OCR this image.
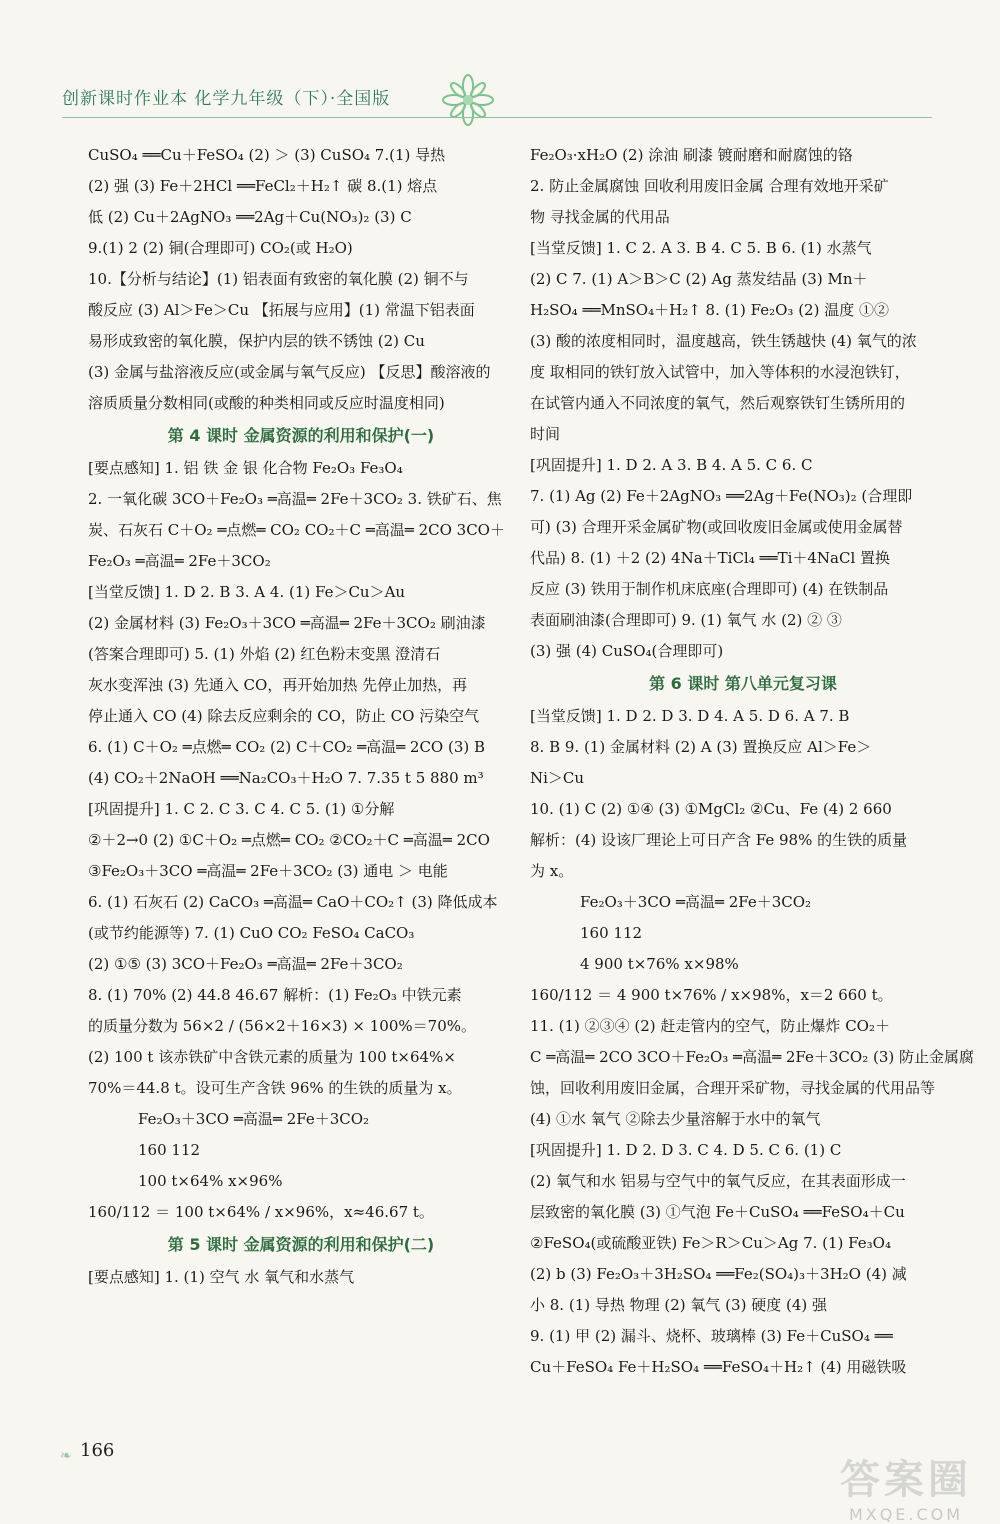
创新课时作业本 化学九年级（下）·全国版
CuSO₄ ══Cu＋FeSO₄ (2) ＞ (3) CuSO₄ 7.(1) 导热
(2) 强 (3) Fe＋2HCl ══FeCl₂＋H₂↑ 碳 8.(1) 熔点
低 (2) Cu＋2AgNO₃ ══2Ag＋Cu(NO₃)₂ (3) C
9.(1) 2 (2) 铜(合理即可) CO₂(或 H₂O)
10.【分析与结论】(1) 铝表面有致密的氧化膜 (2) 铜不与
酸反应 (3) Al＞Fe＞Cu 【拓展与应用】(1) 常温下铝表面
易形成致密的氧化膜，保护内层的铁不锈蚀 (2) Cu
(3) 金属与盐溶液反应(或金属与氧气反应) 【反思】酸溶液的
溶质质量分数相同(或酸的种类相同或反应时温度相同)
第 4 课时 金属资源的利用和保护(一)
[要点感知] 1. 铝 铁 金 银 化合物 Fe₂O₃ Fe₃O₄
2. 一氧化碳 3CO＋Fe₂O₃ ═高温═ 2Fe＋3CO₂ 3. 铁矿石、焦
炭、石灰石 C＋O₂ ═点燃═ CO₂ CO₂＋C ═高温═ 2CO 3CO＋
Fe₂O₃ ═高温═ 2Fe＋3CO₂
[当堂反馈] 1. D 2. B 3. A 4. (1) Fe＞Cu＞Au
(2) 金属材料 (3) Fe₂O₃＋3CO ═高温═ 2Fe＋3CO₂ 刷油漆
(答案合理即可) 5. (1) 外焰 (2) 红色粉末变黑 澄清石
灰水变浑浊 (3) 先通入 CO，再开始加热 先停止加热，再
停止通入 CO (4) 除去反应剩余的 CO，防止 CO 污染空气
6. (1) C＋O₂ ═点燃═ CO₂ (2) C＋CO₂ ═高温═ 2CO (3) B
(4) CO₂＋2NaOH ══Na₂CO₃＋H₂O 7. 7.35 t 5 880 m³
[巩固提升] 1. C 2. C 3. C 4. C 5. (1) ①分解
②＋2→0 (2) ①C＋O₂ ═点燃═ CO₂ ②CO₂＋C ═高温═ 2CO
③Fe₂O₃＋3CO ═高温═ 2Fe＋3CO₂ (3) 通电 ＞ 电能
6. (1) 石灰石 (2) CaCO₃ ═高温═ CaO＋CO₂↑ (3) 降低成本
(或节约能源等) 7. (1) CuO CO₂ FeSO₄ CaCO₃
(2) ①⑤ (3) 3CO＋Fe₂O₃ ═高温═ 2Fe＋3CO₂
8. (1) 70% (2) 44.8 46.67 解析：(1) Fe₂O₃ 中铁元素
的质量分数为 56×2 / (56×2＋16×3) × 100%＝70%。
(2) 100 t 该赤铁矿中含铁元素的质量为 100 t×64%×
70%＝44.8 t。设可生产含铁 96% 的生铁的质量为 x。
Fe₂O₃＋3CO ═高温═ 2Fe＋3CO₂
160 112
100 t×64% x×96%
160/112 ＝ 100 t×64% / x×96%，x≈46.67 t。
第 5 课时 金属资源的利用和保护(二)
[要点感知] 1. (1) 空气 水 氧气和水蒸气
Fe₂O₃·xH₂O (2) 涂油 刷漆 镀耐磨和耐腐蚀的铬
2. 防止金属腐蚀 回收利用废旧金属 合理有效地开采矿
物 寻找金属的代用品
[当堂反馈] 1. C 2. A 3. B 4. C 5. B 6. (1) 水蒸气
(2) C 7. (1) A＞B＞C (2) Ag 蒸发结晶 (3) Mn＋
H₂SO₄ ══MnSO₄＋H₂↑ 8. (1) Fe₂O₃ (2) 温度 ①②
(3) 酸的浓度相同时，温度越高，铁生锈越快 (4) 氧气的浓
度 取相同的铁钉放入试管中，加入等体积的水浸泡铁钉，
在试管内通入不同浓度的氧气，然后观察铁钉生锈所用的
时间
[巩固提升] 1. D 2. A 3. B 4. A 5. C 6. C
7. (1) Ag (2) Fe＋2AgNO₃ ══2Ag＋Fe(NO₃)₂ (合理即
可) (3) 合理开采金属矿物(或回收废旧金属或使用金属替
代品) 8. (1) ＋2 (2) 4Na＋TiCl₄ ══Ti＋4NaCl 置换
反应 (3) 铁用于制作机床底座(合理即可) (4) 在铁制品
表面刷油漆(合理即可) 9. (1) 氧气 水 (2) ② ③
(3) 强 (4) CuSO₄(合理即可)
第 6 课时 第八单元复习课
[当堂反馈] 1. D 2. D 3. D 4. A 5. D 6. A 7. B
8. B 9. (1) 金属材料 (2) A (3) 置换反应 Al＞Fe＞
Ni＞Cu
10. (1) C (2) ①④ (3) ①MgCl₂ ②Cu、Fe (4) 2 660
解析：(4) 设该厂理论上可日产含 Fe 98% 的生铁的质量
为 x。
Fe₂O₃＋3CO ═高温═ 2Fe＋3CO₂
160 112
4 900 t×76% x×98%
160/112 ＝ 4 900 t×76% / x×98%，x＝2 660 t。
11. (1) ②③④ (2) 赶走管内的空气，防止爆炸 CO₂＋
C ═高温═ 2CO 3CO＋Fe₂O₃ ═高温═ 2Fe＋3CO₂ (3) 防止金属腐
蚀，回收利用废旧金属，合理开采矿物，寻找金属的代用品等
(4) ①水 氧气 ②除去少量溶解于水中的氧气
[巩固提升] 1. D 2. D 3. C 4. D 5. C 6. (1) C
(2) 氧气和水 铝易与空气中的氧气反应，在其表面形成一
层致密的氧化膜 (3) ①气泡 Fe＋CuSO₄ ══FeSO₄＋Cu
②FeSO₄(或硫酸亚铁) Fe＞R＞Cu＞Ag 7. (1) Fe₃O₄
(2) b (3) Fe₂O₃＋3H₂SO₄ ══Fe₂(SO₄)₃＋3H₂O (4) 减
小 8. (1) 导热 物理 (2) 氧气 (3) 硬度 (4) 强
9. (1) 甲 (2) 漏斗、烧杯、玻璃棒 (3) Fe＋CuSO₄ ══
Cu＋FeSO₄ Fe＋H₂SO₄ ══FeSO₄＋H₂↑ (4) 用磁铁吸
❧ 166
答案圈
MXQE.COM
